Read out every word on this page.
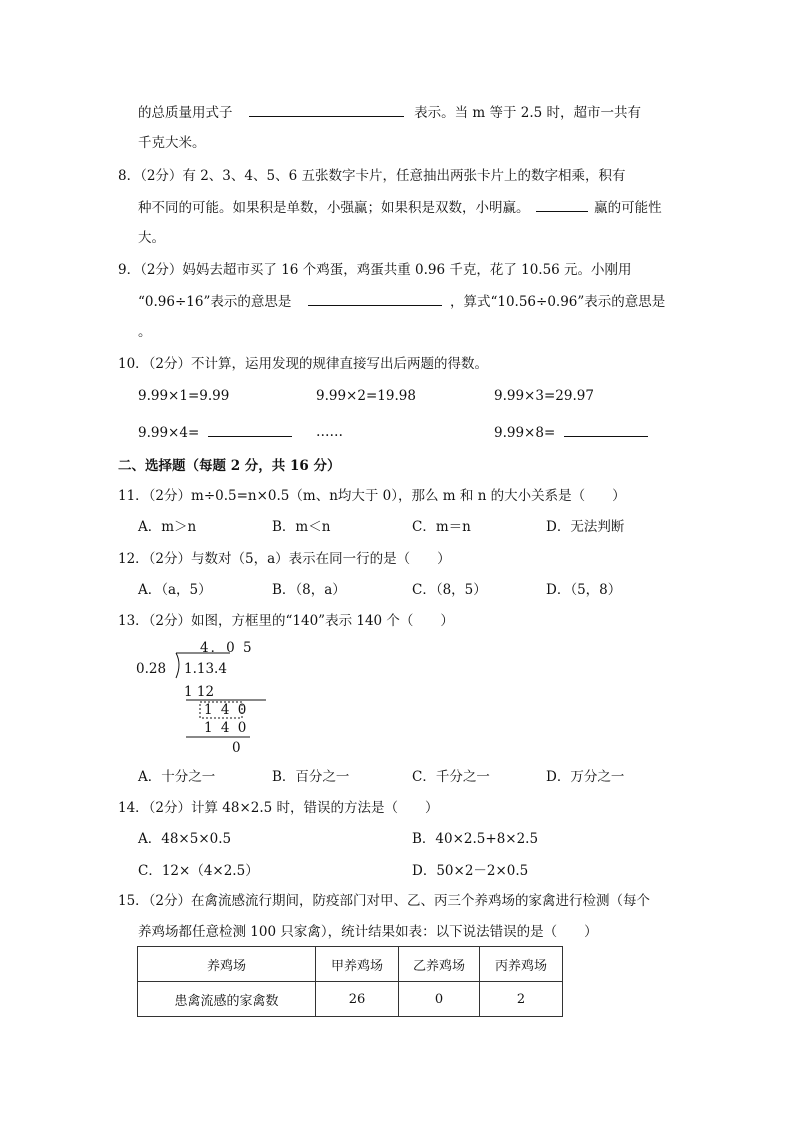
的总质量用式子	表示。当 m 等于 2.5 时，超市一共有
千克大米。
8．（2分）有 2、3、4、5、6 五张数字卡片，任意抽出两张卡片上的数字相乘，积有
种不同的可能。如果积是单数，小强赢；如果积是双数，小明赢。	赢的可能性
大。
9．（2分）妈妈去超市买了 16 个鸡蛋，鸡蛋共重 0.96 千克，花了 10.56 元。小刚用
“0.96÷16”表示的意思是	，算式“10.56÷0.96”表示的意思是
。
10．（2分）不计算，运用发现的规律直接写出后两题的得数。
9.99×1=9.99	9.99×2=19.98	9.99×3=29.97
9.99×4=	……	9.99×8=
二、选择题（每题 2 分，共 16 分）
11．（2分）m÷0.5=n×0.5（m、n均大于 0），那么 m 和 n 的大小关系是（　　）
A．m＞n	B．m＜n	C．m＝n	D．无法判断
12．（2分）与数对（5，a）表示在同一行的是（　　）
A．（a，5）	B．（8，a）	C．（8，5）	D．（5，8）
13．（2分）如图，方框里的“140”表示 140 个（　　）
4．0 5
0.28 1.13.4
1 12
1 4 0
1 4 0
0
A．十分之一	B．百分之一	C．千分之一	D．万分之一
14．（2分）计算 48×2.5 时，错误的方法是（　　）
A．48×5×0.5	B．40×2.5+8×2.5
C．12×（4×2.5）	D．50×2－2×0.5
15．（2分）在禽流感流行期间，防疫部门对甲、乙、丙三个养鸡场的家禽进行检测（每个
养鸡场都任意检测 100 只家禽），统计结果如表：以下说法错误的是（　　）
养鸡场	甲养鸡场	乙养鸡场	丙养鸡场
患禽流感的家禽数	26	0	2
